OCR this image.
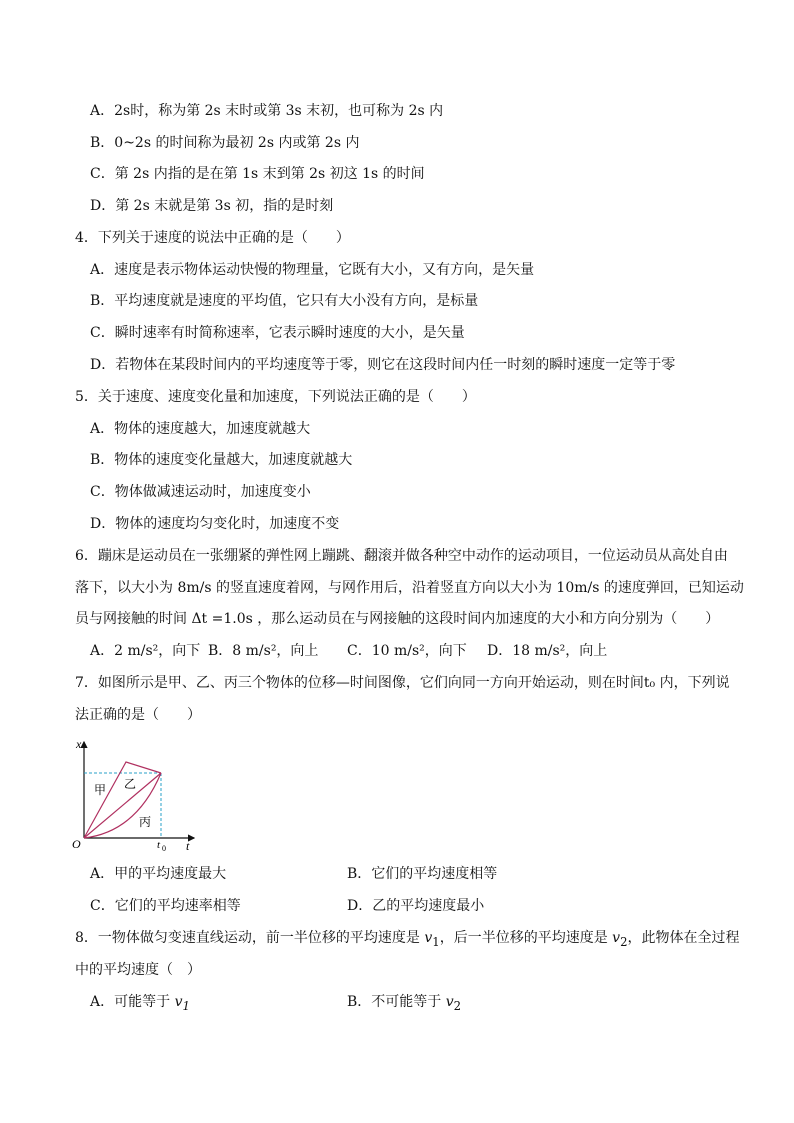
A．2s时，称为第 2s 末时或第 3s 末初，也可称为 2s 内
B．0~2s 的时间称为最初 2s 内或第 2s 内
C．第 2s 内指的是在第 1s 末到第 2s 初这 1s 的时间
D．第 2s 末就是第 3s 初，指的是时刻
4．下列关于速度的说法中正确的是（　　）
A．速度是表示物体运动快慢的物理量，它既有大小，又有方向，是矢量
B．平均速度就是速度的平均值，它只有大小没有方向，是标量
C．瞬时速率有时简称速率，它表示瞬时速度的大小，是矢量
D．若物体在某段时间内的平均速度等于零，则它在这段时间内任一时刻的瞬时速度一定等于零
5．关于速度、速度变化量和加速度，下列说法正确的是（　　）
A．物体的速度越大，加速度就越大
B．物体的速度变化量越大，加速度就越大
C．物体做减速运动时，加速度变小
D．物体的速度均匀变化时，加速度不变
6．蹦床是运动员在一张绷紧的弹性网上蹦跳、翻滚并做各种空中动作的运动项目，一位运动员从高处自由
落下，以大小为 8m/s 的竖直速度着网，与网作用后，沿着竖直方向以大小为 10m/s 的速度弹回，已知运动
员与网接触的时间 Δt =1.0s ，那么运动员在与网接触的这段时间内加速度的大小和方向分别为（　　）
A．2 m/s²，向下 B．8 m/s²，向上 C．10 m/s²，向下 D．18 m/s²，向上
7．如图所示是甲、乙、丙三个物体的位移—时间图像，它们向同一方向开始运动，则在时间t₀ 内，下列说
法正确的是（　　）
x
t
O	t 0
甲 乙
丙
A．甲的平均速度最大	B．它们的平均速度相等
C．它们的平均速率相等	D．乙的平均速度最小
8．一物体做匀变速直线运动，前一半位移的平均速度是 $v_1$，后一半位移的平均速度是 $v_2$，此物体在全过程
中的平均速度（　）
A．可能等于 $v_1$	B．不可能等于 $v_2$
